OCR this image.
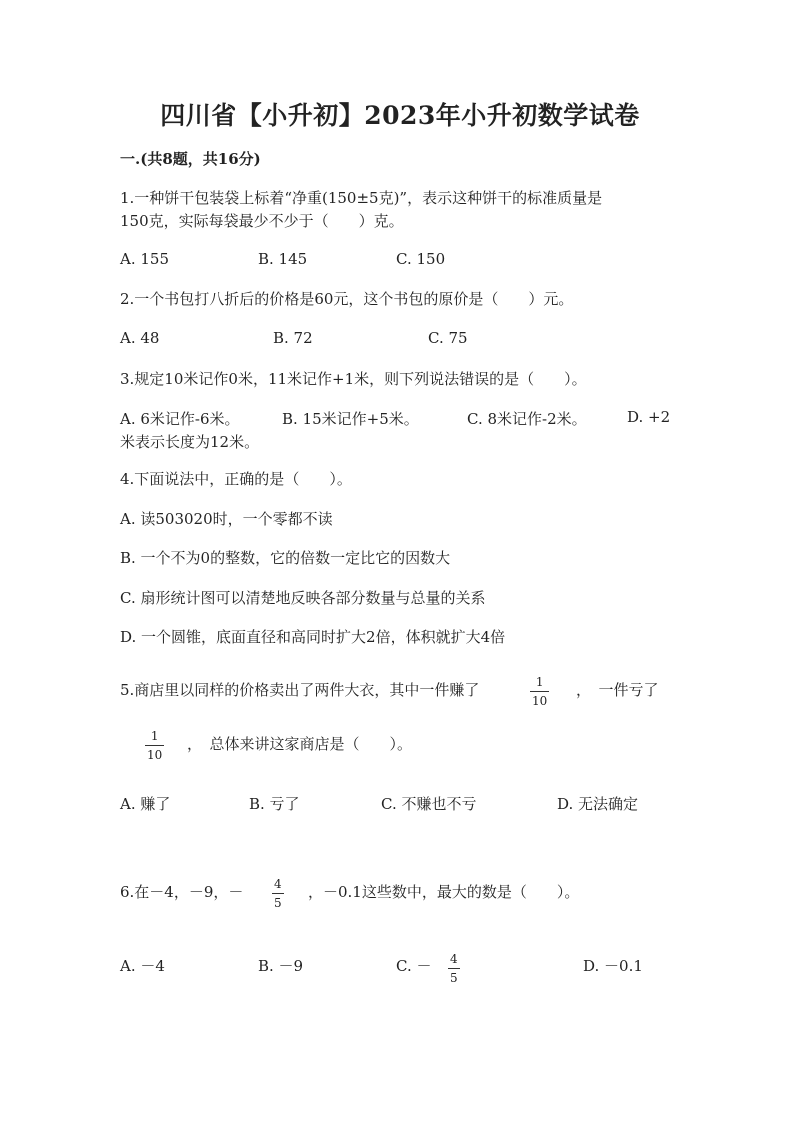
四川省【小升初】2023年小升初数学试卷
一.(共8题，共16分)
1.一种饼干包装袋上标着“净重(150±5克)”，表示这种饼干的标准质量是
150克，实际每袋最少不少于（　　）克。
A. 155	B. 145	C. 150
2.一个书包打八折后的价格是60元，这个书包的原价是（　　）元。
A. 48	B. 72	C. 75
3.规定10米记作0米，11米记作+1米，则下列说法错误的是（　　）。
A. 6米记作-6米。	B. 15米记作+5米。	C. 8米记作-2米。	D. +2
米表示长度为12米。
4.下面说法中，正确的是（　　）。
A. 读503020时，一个零都不读
B. 一个不为0的整数，它的倍数一定比它的因数大
C. 扇形统计图可以清楚地反映各部分数量与总量的关系
D. 一个圆锥，底面直径和高同时扩大2倍，体积就扩大4倍
5.商店里以同样的价格卖出了两件大衣，其中一件赚了	1
10
，　一件亏了
1
10
，　总体来讲这家商店是（　　）。
A. 赚了	B. 亏了	C. 不赚也不亏	D. 无法确定
6.在－4，－9，－	4
5
，－0.1这些数中，最大的数是（　　）。
A. －4	B. －9	C. － 4
5
D. －0.1
